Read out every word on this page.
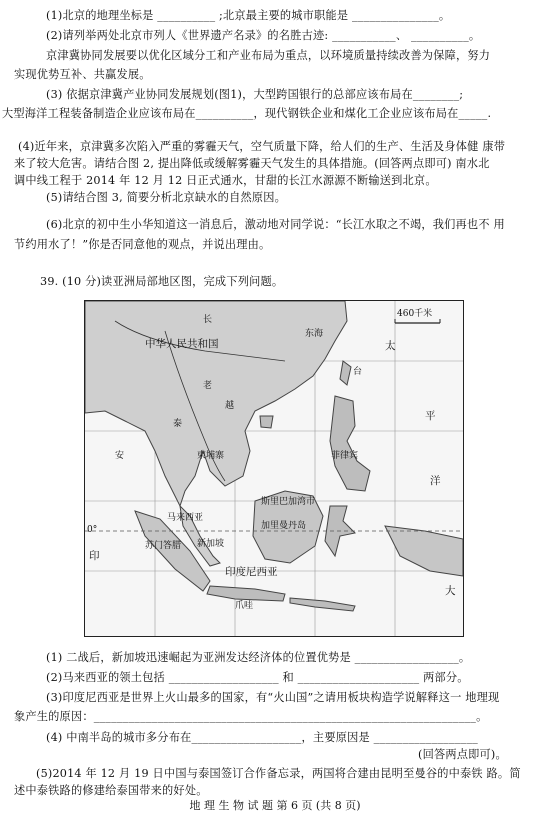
(1)北京的地理坐标是 __________ ;北京最主要的城市职能是 _______________。
(2)请列举两处北京市列人《世界遗产名录》的名胜古迹: ___________、 __________。
京津冀协同发展要以优化区域分工和产业布局为重点，以环境质量持续改善为保障，努力
实现优势互补、共赢发展。
(3) 依据京津冀产业协同发展规划(图1)，大型跨国银行的总部应该布局在________;
大型海洋工程装备制造企业应该布局在__________，现代钢铁企业和煤化工企业应该布局在_____.
(4)近年来，京津冀多次陷入严重的雾霾天气，空气质量下降，给人们的生产、生活及身体健 康带
来了较大危害。请结合图 2, 提出降低或缓解雾霾天气发生的具体措施。(回答两点即可) 南水北
调中线工程于 2014 年 12 月 12 日正式通水，甘甜的长江水源源不断输送到北京。
(5)请结合图 3, 简要分析北京缺水的自然原因。
(6)北京的初中生小华知道这一消息后，激动地对同学说：“长江水取之不竭，我们再也不 用
节约用水了！”你是否同意他的观点，并说出理由。
39. (10 分)读亚洲局部地区图，完成下列问题。
中华人民共和国
长
东海
台
太
平
洋
460千米
越
老
泰
柬埔寨
安
印
马来西亚
新加坡
斯里巴加湾市
加里曼丹岛
印度尼西亚
菲律宾
爪哇
苏门答腊
大
0°
(1) 二战后，新加坡迅速崛起为亚洲发达经济体的位置优势是 __________________。
(2)马来西亚的领土包括 ___________________ 和 _____________________ 两部分。
(3)印度尼西亚是世界上火山最多的国家，有“火山国”之请用板块构造学说解释这一 地理现
象产生的原因：__________________________________________________________________。
(4) 中南半岛的城市多分布在___________________，主要原因是 __________________
(回答两点即可)。
(5)2014 年 12 月 19 日中国与泰国签订合作备忘录，两国将合建由昆明至曼谷的中泰铁 路。简
述中泰铁路的修建给泰国带来的好处。
地 理 生 物 试 题 第 6 页 (共 8 页)
